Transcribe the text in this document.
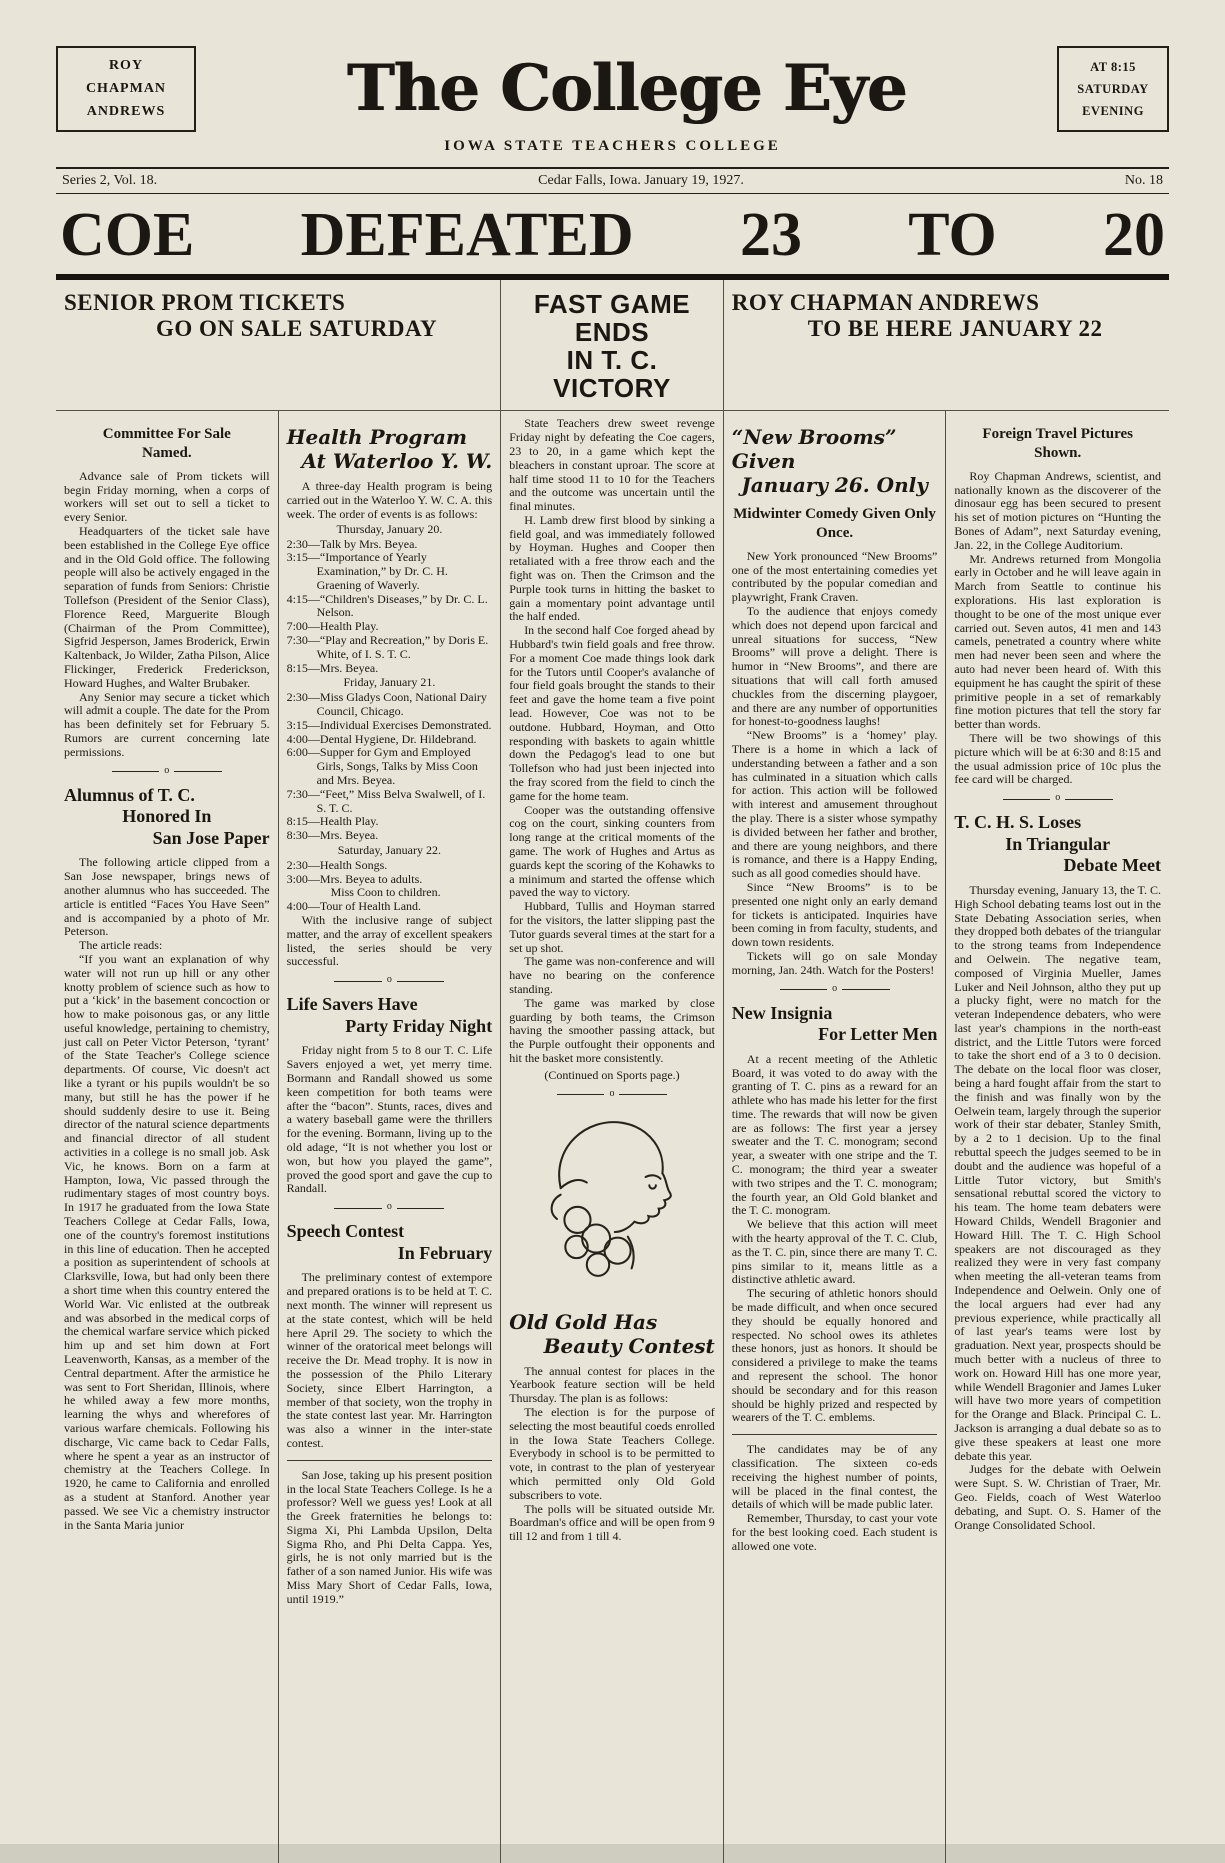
ROY
CHAPMAN
ANDREWS	The College Eye	AT 8:15
SATURDAY
EVENING
IOWA STATE TEACHERS COLLEGE
Series 2, Vol. 18.	Cedar Falls, Iowa. January 19, 1927.	No. 18
COE DEFEATED 23 TO 20
SENIOR PROM TICKETS
GO ON SALE SATURDAY
FAST GAME ENDS
IN T. C. VICTORY
ROY CHAPMAN ANDREWS
TO BE HERE JANUARY 22
Committee For Sale
Named.

Advance sale of Prom tickets will begin Friday morning, when a corps of workers will set out to sell a ticket to every Senior.

Headquarters of the ticket sale have been established in the College Eye office and in the Old Gold office. The following people will also be actively engaged in the separation of funds from Seniors: Christie Tollefson (President of the Senior Class), Florence Reed, Marguerite Blough (Chairman of the Prom Committee), Sigfrid Jesperson, James Broderick, Erwin Kaltenback, Jo Wilder, Zatha Pilson, Alice Flickinger, Frederick Frederickson, Howard Hughes, and Walter Brubaker.

Any Senior may secure a ticket which will admit a couple. The date for the Prom has been definitely set for February 5. Rumors are current concerning late permissions.

o
Alumnus of T. C.
Honored In
San Jose Paper

The following article clipped from a San Jose newspaper, brings news of another alumnus who has succeeded. The article is entitled “Faces You Have Seen” and is accompanied by a photo of Mr. Peterson.

The article reads:

“If you want an explanation of why water will not run up hill or any other knotty problem of science such as how to put a ‘kick’ in the basement concoction or how to make poisonous gas, or any little useful knowledge, pertaining to chemistry, just call on Peter Victor Peterson, ‘tyrant’ of the State Teacher's College science departments. Of course, Vic doesn't act like a tyrant or his pupils wouldn't be so many, but still he has the power if he should suddenly desire to use it. Being director of the natural science departments and financial director of all student activities in a college is no small job. Ask Vic, he knows. Born on a farm at Hampton, Iowa, Vic passed through the rudimentary stages of most country boys. In 1917 he graduated from the Iowa State Teachers College at Cedar Falls, Iowa, one of the country's foremost institutions in this line of education. Then he accepted a position as superintendent of schools at Clarksville, Iowa, but had only been there a short time when this country entered the World War. Vic enlisted at the outbreak and was absorbed in the medical corps of the chemical warfare service which picked him up and set him down at Fort Leavenworth, Kansas, as a member of the Central department. After the armistice he was sent to Fort Sheridan, Illinois, where he whiled away a few more months, learning the whys and wherefores of various warfare chemicals. Following his discharge, Vic came back to Cedar Falls, where he spent a year as an instructor of chemistry at the Teachers College. In 1920, he came to California and enrolled as a student at Stanford. Another year passed. We see Vic a chemistry instructor in the Santa Maria junior

Health Program
At Waterloo Y. W.

A three-day Health program is being carried out in the Waterloo Y. W. C. A. this week. The order of events is as follows:

Thursday, January 20.
2:30—Talk by Mrs. Beyea.
3:15—“Importance of Yearly Examination,” by Dr. C. H. Graening of Waverly.
4:15—“Children's Diseases,” by Dr. C. L. Nelson.
7:00—Health Play.
7:30—“Play and Recreation,” by Doris E. White, of I. S. T. C.
8:15—Mrs. Beyea.
Friday, January 21.
2:30—Miss Gladys Coon, National Dairy Council, Chicago.
3:15—Individual Exercises Demonstrated.
4:00—Dental Hygiene, Dr. Hildebrand.
6:00—Supper for Gym and Employed Girls, Songs, Talks by Miss Coon and Mrs. Beyea.
7:30—“Feet,” Miss Belva Swalwell, of I. S. T. C.
8:15—Health Play.
8:30—Mrs. Beyea.
Saturday, January 22.
2:30—Health Songs.
3:00—Mrs. Beyea to adults.
Miss Coon to children.
4:00—Tour of Health Land.

With the inclusive range of subject matter, and the array of excellent speakers listed, the series should be very successful.

o
Life Savers Have
Party Friday Night

Friday night from 5 to 8 our T. C. Life Savers enjoyed a wet, yet merry time. Bormann and Randall showed us some keen competition for both teams were after the “bacon”. Stunts, races, dives and a watery baseball game were the thrillers for the evening. Bormann, living up to the old adage, “It is not whether you lost or won, but how you played the game”, proved the good sport and gave the cup to Randall.

o
Speech Contest
In February

The preliminary contest of extempore and prepared orations is to be held at T. C. next month. The winner will represent us at the state contest, which will be held here April 29. The society to which the winner of the oratorical meet belongs will receive the Dr. Mead trophy. It is now in the possession of the Philo Literary Society, since Elbert Harrington, a member of that society, won the trophy in the state contest last year. Mr. Harrington was also a winner in the inter-state contest.

San Jose, taking up his present position in the local State Teachers College. Is he a professor? Well we guess yes! Look at all the Greek fraternities he belongs to: Sigma Xi, Phi Lambda Upsilon, Delta Sigma Rho, and Phi Delta Cappa. Yes, girls, he is not only married but is the father of a son named Junior. His wife was Miss Mary Short of Cedar Falls, Iowa, until 1919.”

State Teachers drew sweet revenge Friday night by defeating the Coe cagers, 23 to 20, in a game which kept the bleachers in constant uproar. The score at half time stood 11 to 10 for the Teachers and the outcome was uncertain until the final minutes.

H. Lamb drew first blood by sinking a field goal, and was immediately followed by Hoyman. Hughes and Cooper then retaliated with a free throw each and the fight was on. Then the Crimson and the Purple took turns in hitting the basket to gain a momentary point advantage until the half ended.

In the second half Coe forged ahead by Hubbard's twin field goals and free throw. For a moment Coe made things look dark for the Tutors until Cooper's avalanche of four field goals brought the stands to their feet and gave the home team a five point lead. However, Coe was not to be outdone. Hubbard, Hoyman, and Otto responding with baskets to again whittle down the Pedagog's lead to one but Tollefson who had just been injected into the fray scored from the field to cinch the game for the home team.

Cooper was the outstanding offensive cog on the court, sinking counters from long range at the critical moments of the game. The work of Hughes and Artus as guards kept the scoring of the Kohawks to a minimum and started the offense which paved the way to victory.

Hubbard, Tullis and Hoyman starred for the visitors, the latter slipping past the Tutor guards several times at the start for a set up shot.

The game was non-conference and will have no bearing on the conference standing.

The game was marked by close guarding by both teams, the Crimson having the smoother passing attack, but the Purple outfought their opponents and hit the basket more consistently.

(Continued on Sports page.)

o
Old Gold Has
Beauty Contest

The annual contest for places in the Yearbook feature section will be held Thursday. The plan is as follows:

The election is for the purpose of selecting the most beautiful coeds enrolled in the Iowa State Teachers College. Everybody in school is to be permitted to vote, in contrast to the plan of yesteryear which permitted only Old Gold subscribers to vote.

The polls will be situated outside Mr. Boardman's office and will be open from 9 till 12 and from 1 till 4.

“New Brooms” Given
January 26. Only
Midwinter Comedy Given Only
Once.

New York pronounced “New Brooms” one of the most entertaining comedies yet contributed by the popular comedian and playwright, Frank Craven.

To the audience that enjoys comedy which does not depend upon farcical and unreal situations for success, “New Brooms” will prove a delight. There is humor in “New Brooms”, and there are situations that will call forth amused chuckles from the discerning playgoer, and there are any number of opportunities for honest-to-goodness laughs!

“New Brooms” is a ‘homey’ play. There is a home in which a lack of understanding between a father and a son has culminated in a situation which calls for action. This action will be followed with interest and amusement throughout the play. There is a sister whose sympathy is divided between her father and brother, and there are young neighbors, and there is romance, and there is a Happy Ending, such as all good comedies should have.

Since “New Brooms” is to be presented one night only an early demand for tickets is anticipated. Inquiries have been coming in from faculty, students, and down town residents.

Tickets will go on sale Monday morning, Jan. 24th. Watch for the Posters!

o
New Insignia
For Letter Men

At a recent meeting of the Athletic Board, it was voted to do away with the granting of T. C. pins as a reward for an athlete who has made his letter for the first time. The rewards that will now be given are as follows: The first year a jersey sweater and the T. C. monogram; second year, a sweater with one stripe and the T. C. monogram; the third year a sweater with two stripes and the T. C. monogram; the fourth year, an Old Gold blanket and the T. C. monogram.

We believe that this action will meet with the hearty approval of the T. C. Club, as the T. C. pin, since there are many T. C. pins similar to it, means little as a distinctive athletic award.

The securing of athletic honors should be made difficult, and when once secured they should be equally honored and respected. No school owes its athletes these honors, just as honors. It should be considered a privilege to make the teams and represent the school. The honor should be secondary and for this reason should be highly prized and respected by wearers of the T. C. emblems.

The candidates may be of any classification. The sixteen co-eds receiving the highest number of points, will be placed in the final contest, the details of which will be made public later.

Remember, Thursday, to cast your vote for the best looking coed. Each student is allowed one vote.

Foreign Travel Pictures
Shown.

Roy Chapman Andrews, scientist, and nationally known as the discoverer of the dinosaur egg has been secured to present his set of motion pictures on “Hunting the Bones of Adam”, next Saturday evening, Jan. 22, in the College Auditorium.

Mr. Andrews returned from Mongolia early in October and he will leave again in March from Seattle to continue his explorations. His last exploration is thought to be one of the most unique ever carried out. Seven autos, 41 men and 143 camels, penetrated a country where white men had never been seen and where the auto had never been heard of. With this equipment he has caught the spirit of these primitive people in a set of remarkably fine motion pictures that tell the story far better than words.

There will be two showings of this picture which will be at 6:30 and 8:15 and the usual admission price of 10c plus the fee card will be charged.

o
T. C. H. S. Loses
In Triangular
Debate Meet

Thursday evening, January 13, the T. C. High School debating teams lost out in the State Debating Association series, when they dropped both debates of the triangular to the strong teams from Independence and Oelwein. The negative team, composed of Virginia Mueller, James Luker and Neil Johnson, altho they put up a plucky fight, were no match for the veteran Independence debaters, who were last year's champions in the north-east district, and the Little Tutors were forced to take the short end of a 3 to 0 decision. The debate on the local floor was closer, being a hard fought affair from the start to the finish and was finally won by the Oelwein team, largely through the superior work of their star debater, Stanley Smith, by a 2 to 1 decision. Up to the final rebuttal speech the judges seemed to be in doubt and the audience was hopeful of a Little Tutor victory, but Smith's sensational rebuttal scored the victory to his team. The home team debaters were Howard Childs, Wendell Bragonier and Howard Hill. The T. C. High School speakers are not discouraged as they realized they were in very fast company when meeting the all-veteran teams from Independence and Oelwein. Only one of the local arguers had ever had any previous experience, while practically all of last year's teams were lost by graduation. Next year, prospects should be much better with a nucleus of three to work on. Howard Hill has one more year, while Wendell Bragonier and James Luker will have two more years of competition for the Orange and Black. Principal C. L. Jackson is arranging a dual debate so as to give these speakers at least one more debate this year.

Judges for the debate with Oelwein were Supt. S. W. Christian of Traer, Mr. Geo. Fields, coach of West Waterloo debating, and Supt. O. S. Hamer of the Orange Consolidated School.
